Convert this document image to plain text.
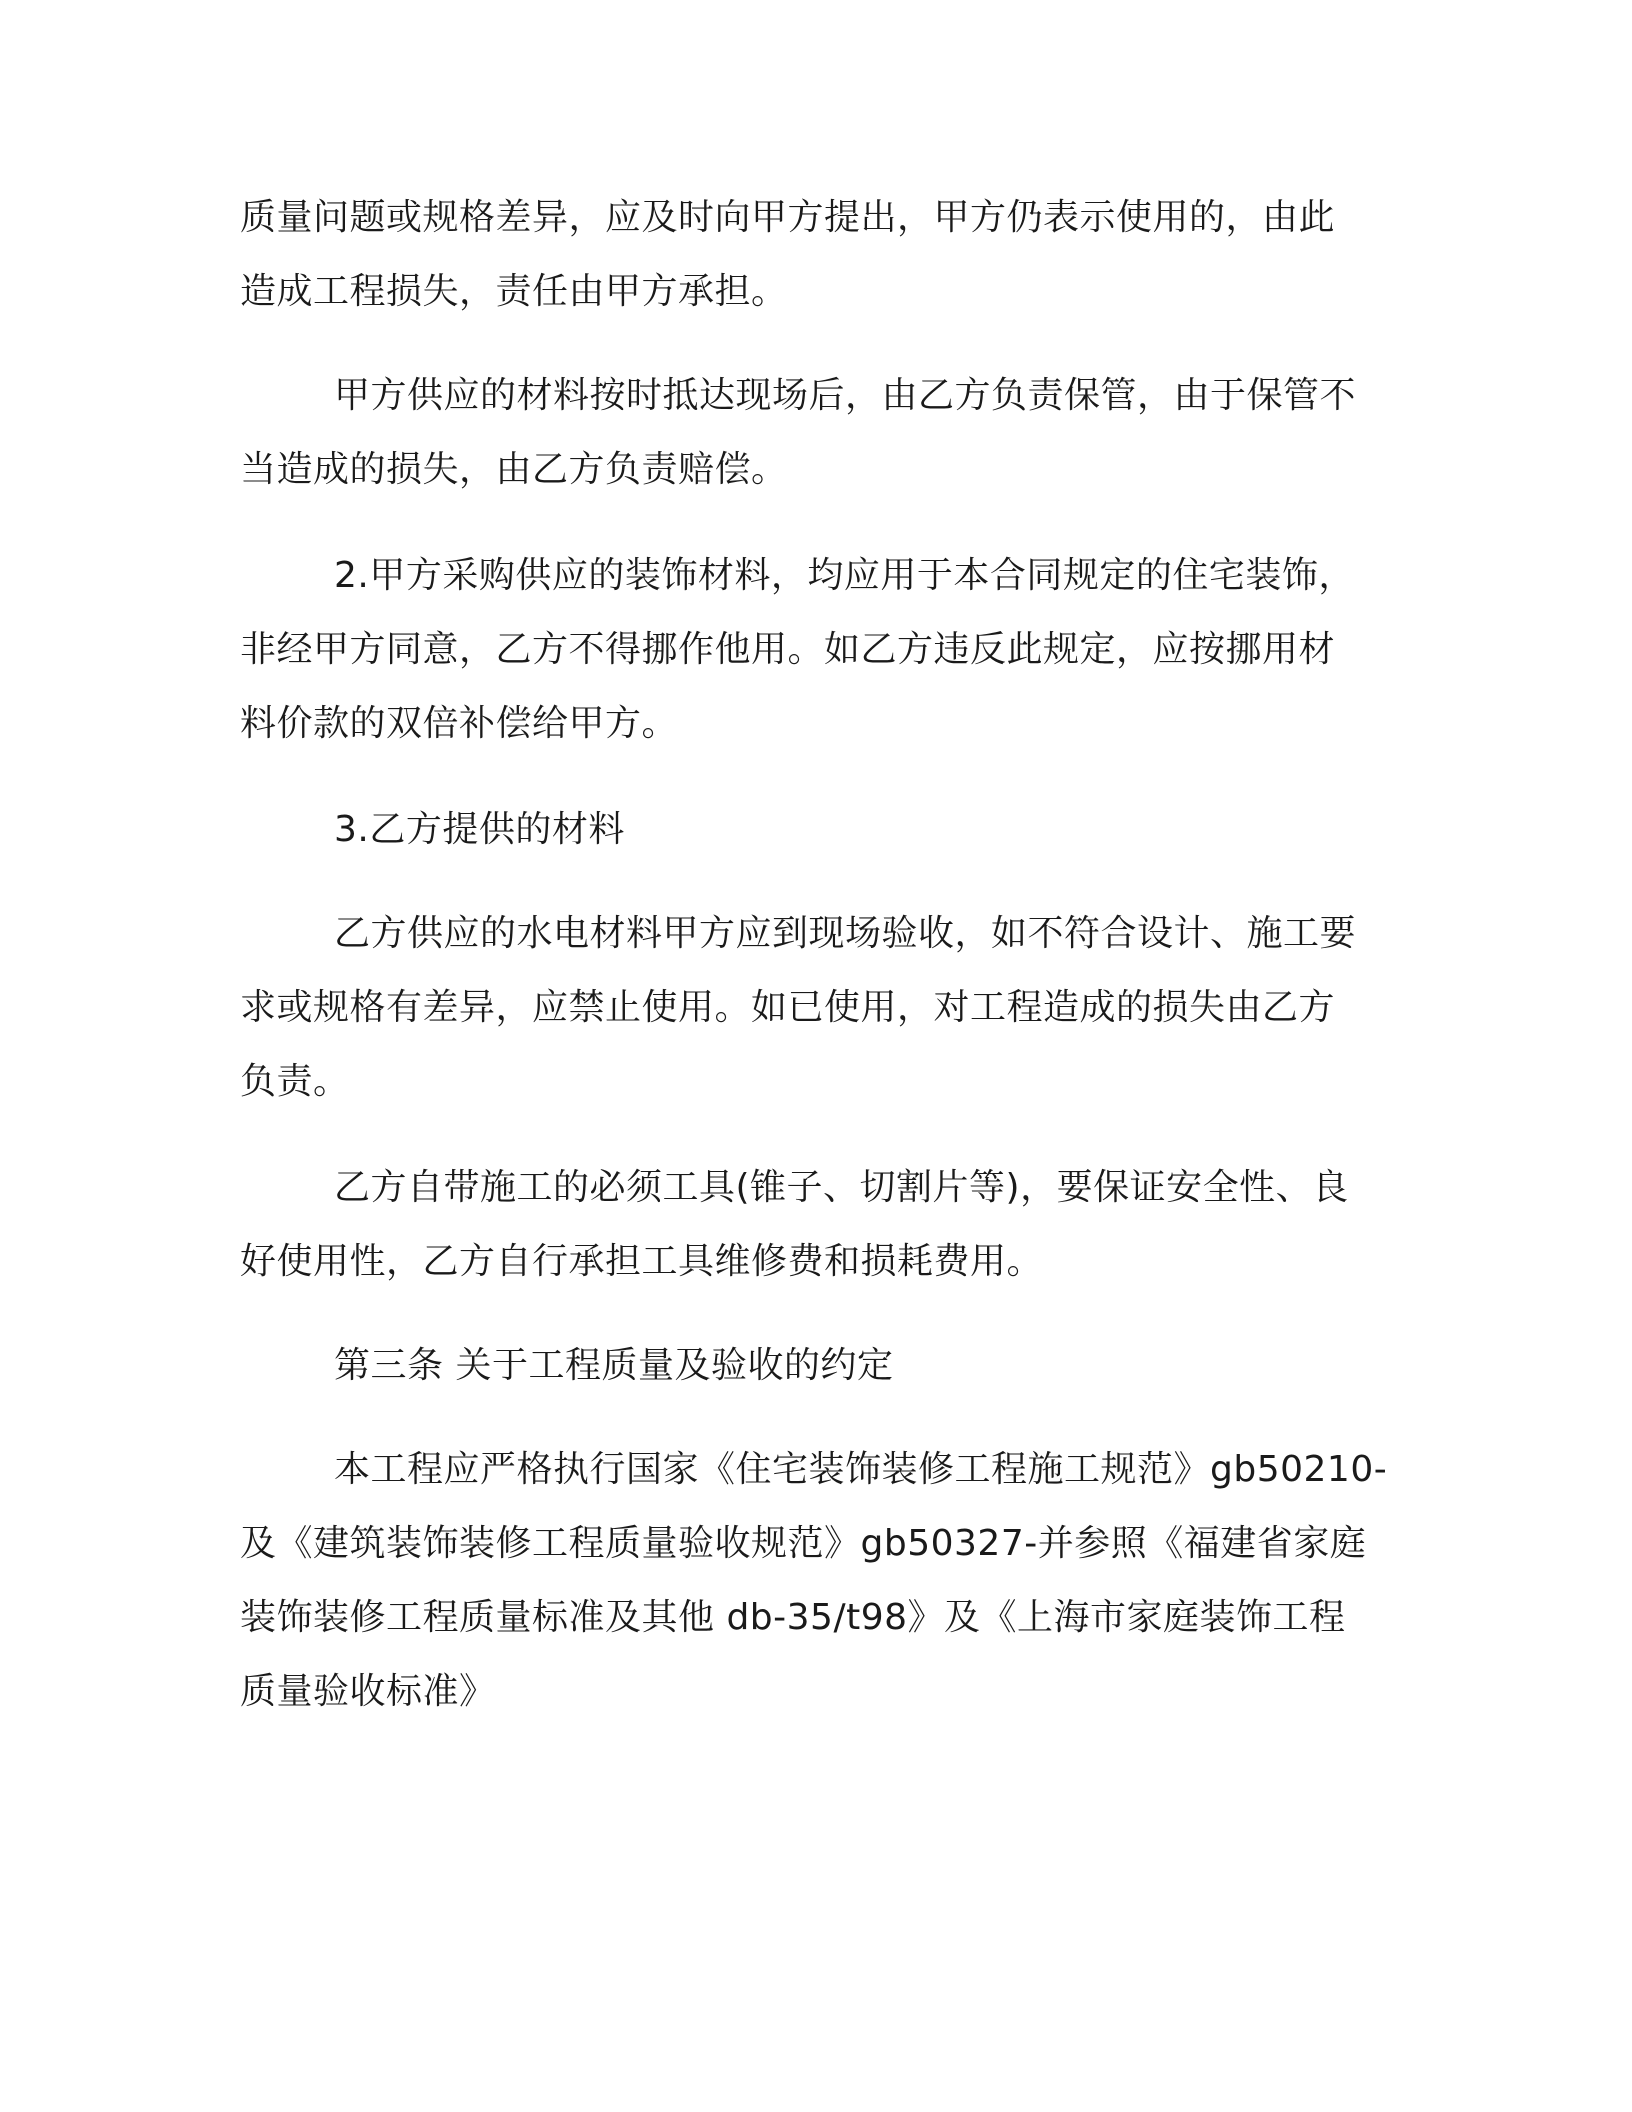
质量问题或规格差异，应及时向甲方提出，甲方仍表示使用的，由此
造成工程损失，责任由甲方承担。
甲方供应的材料按时抵达现场后，由乙方负责保管，由于保管不
当造成的损失，由乙方负责赔偿。
2.甲方采购供应的装饰材料，均应用于本合同规定的住宅装饰，
非经甲方同意，乙方不得挪作他用。如乙方违反此规定，应按挪用材
料价款的双倍补偿给甲方。
3.乙方提供的材料
乙方供应的水电材料甲方应到现场验收，如不符合设计、施工要
求或规格有差异，应禁止使用。如已使用，对工程造成的损失由乙方
负责。
乙方自带施工的必须工具(锥子、切割片等)，要保证安全性、良
好使用性，乙方自行承担工具维修费和损耗费用。
第三条 关于工程质量及验收的约定
本工程应严格执行国家《住宅装饰装修工程施工规范》gb50210-
及《建筑装饰装修工程质量验收规范》gb50327-并参照《福建省家庭
装饰装修工程质量标准及其他 db-35/t98》及《上海市家庭装饰工程
质量验收标准》
